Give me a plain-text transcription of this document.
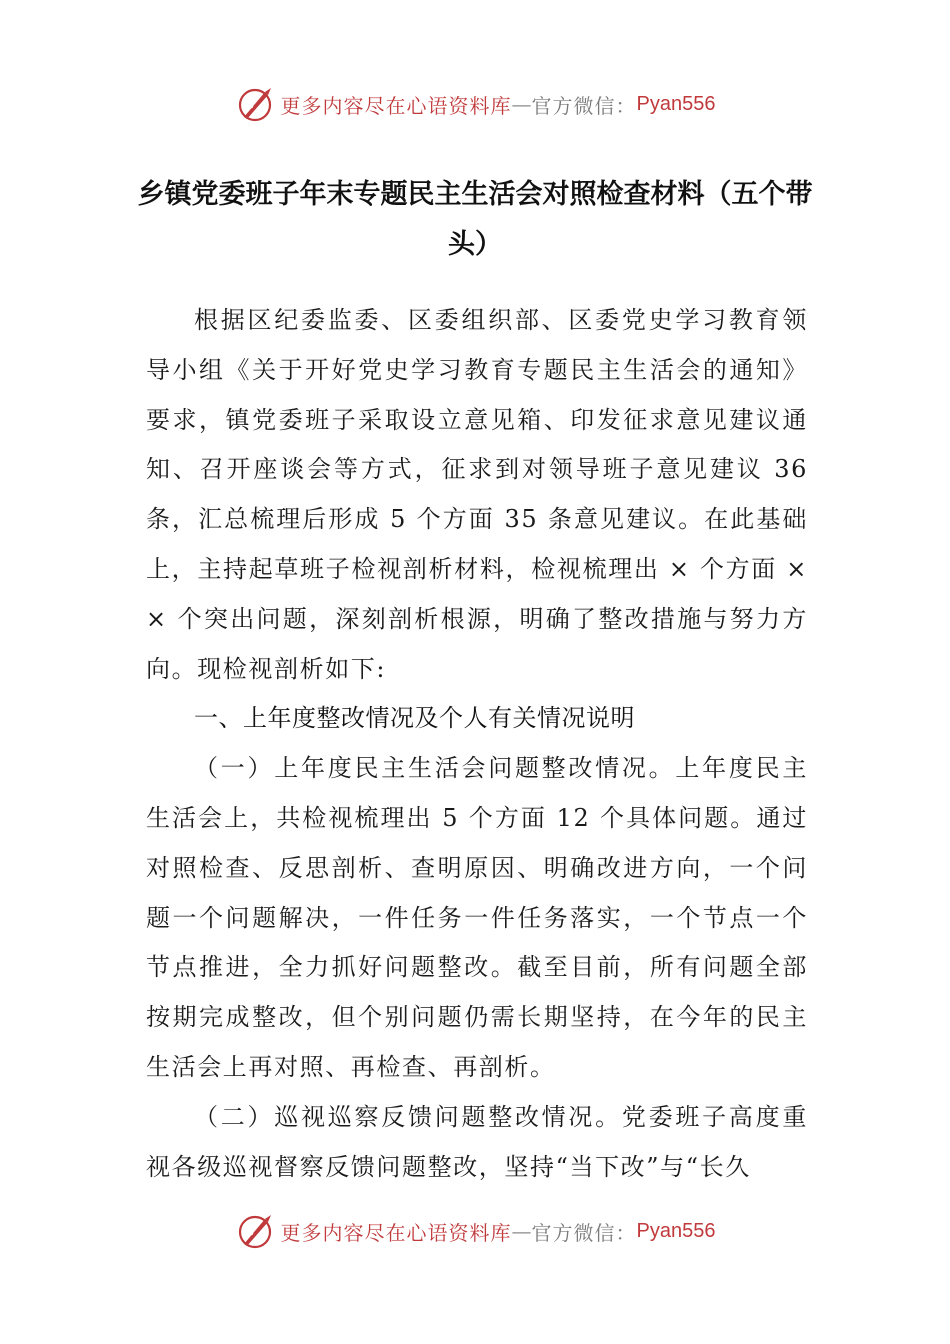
更多内容尽在心语资料库 — 官方微信： Pyan556
乡镇党委班子年末专题民主生活会对照检查材料（五个带头）

根据区纪委监委、区委组织部、区委党史学习教育领导小组《关于开好党史学习教育专题民主生活会的通知》要求，镇党委班子采取设立意见箱、印发征求意见建议通知、召开座谈会等方式，征求到对领导班子意见建议 36 条，汇总梳理后形成 5 个方面 35 条意见建议。在此基础上，主持起草班子检视剖析材料，检视梳理出 × 个方面 × × 个突出问题，深刻剖析根源，明确了整改措施与努力方向。现检视剖析如下:

一、上年度整改情况及个人有关情况说明

（一）上年度民主生活会问题整改情况。上年度民主生活会上，共检视梳理出 5 个方面 12 个具体问题。通过对照检查、反思剖析、查明原因、明确改进方向，一个问题一个问题解决，一件任务一件任务落实，一个节点一个节点推进，全力抓好问题整改。截至目前，所有问题全部按期完成整改，但个别问题仍需长期坚持，在今年的民主生活会上再对照、再检查、再剖析。

（二）巡视巡察反馈问题整改情况。党委班子高度重视各级巡视督察反馈问题整改，坚持“当下改”与“长久

更多内容尽在心语资料库 — 官方微信： Pyan556
